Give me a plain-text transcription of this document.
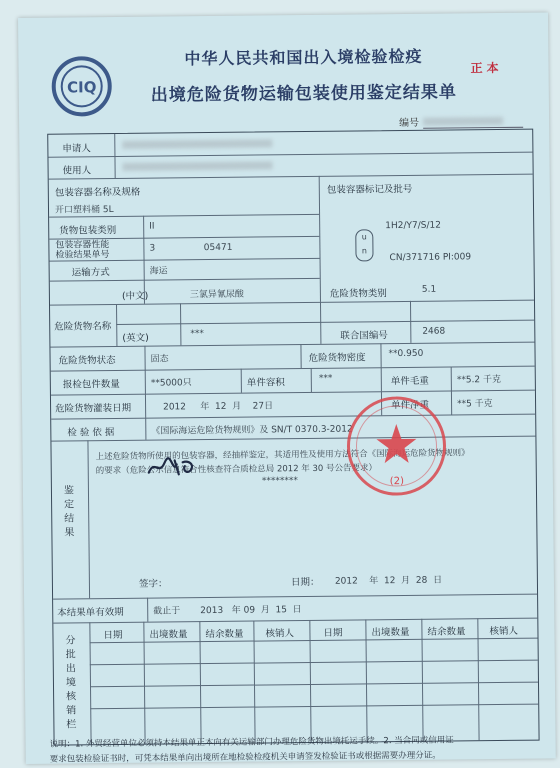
CIQ
中华人民共和国出入境检验检疫
出境危险货物运输包装使用鉴定结果单
正本
编号
申请人
使用人
包装容器名称及规格
开口塑料桶 5L
包装容器标记及批号
1H2/Y7/S/12
CN/371716 PI:009
u
n
货物包装类别	II
包装容器性能
检验结果单号
3                 05471
运输方式	海运
危险货物名称
(中文)	三氯异氰尿酸
(英文)	***
危险货物类别	5.1
联合国编号	2468
危险货物状态	固态	危险货物密度	**0.950
报检包件数量	**5000只	单件容积	***	单件毛重	**5.2 千克
危险货物灌装日期	2012     年  12  月    27日	单件净重	**5 千克
检 验 依 据	《国际海运危险货物规则》及 SN/T 0370.3-2012
鉴定结果
上述危险货物所使用的包装容器，经抽样鉴定，其适用性及使用方法符合《国际海运危险货物规则》
的要求（危险公示信息符合性核查符合质检总局 2012 年 30 号公告要求）
********
签字：	日期： 2012    年  12  月  28  日
本结果单有效期	截止于       2013   年 09  月  15  日
分批出境核销栏
日期	出境数量 结余数量 核销人	日期	出境数量 结余数量	核销人
(2)
说明：1. 外贸经营单位必须持本结果单正本向有关运输部门办理危险货物出境托运手续。2. 当合同或信用证
要求包装检验证书时，可凭本结果单向出境所在地检验检疫机关申请签发检验证书或根据需要办理分证。
